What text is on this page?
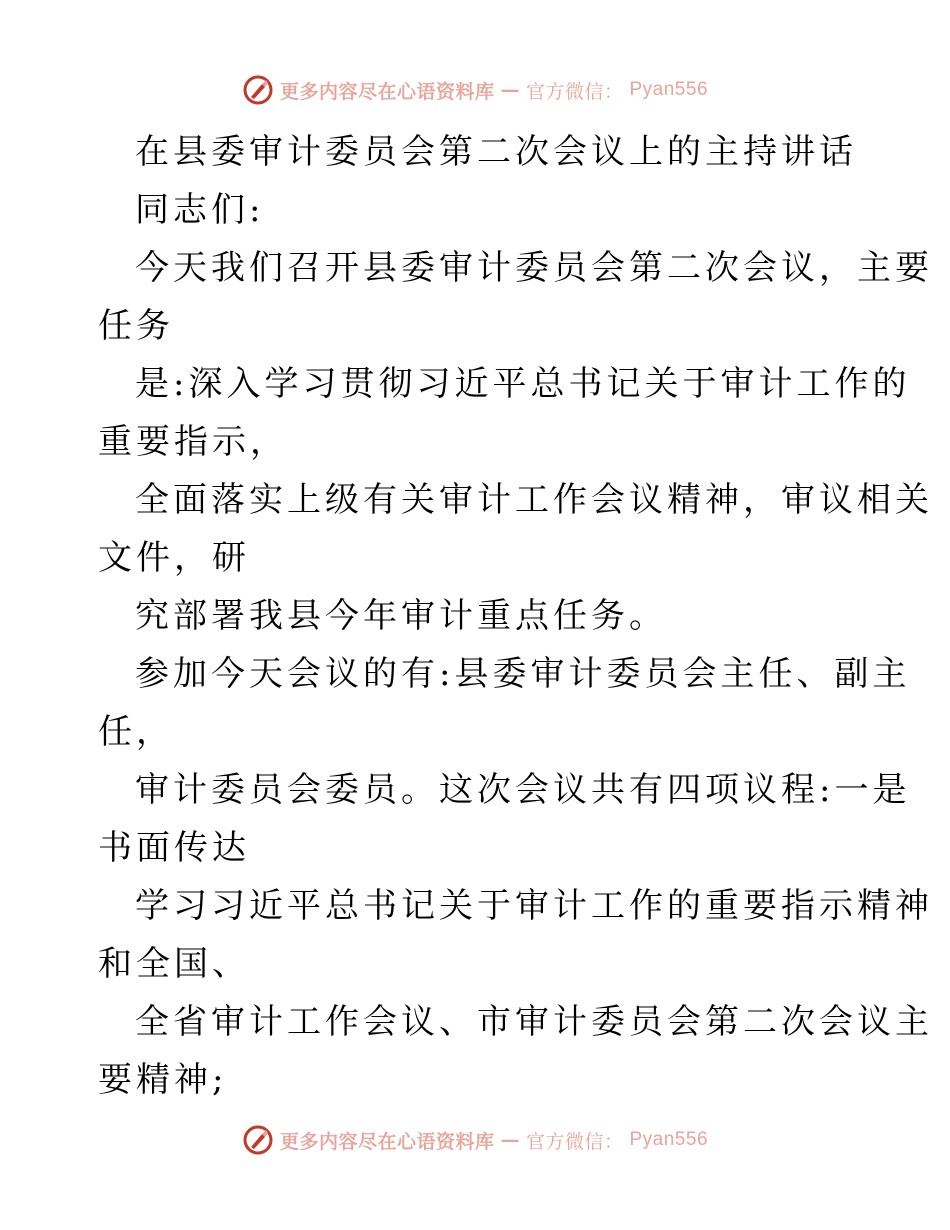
更多内容尽在心语资料库 — 官方微信： Pyan556
在县委审计委员会第二次会议上的主持讲话
同志们:
今天我们召开县委审计委员会第二次会议，主要
任务
是:深入学习贯彻习近平总书记关于审计工作的
重要指示，
全面落实上级有关审计工作会议精神，审议相关
文件，研
究部署我县今年审计重点任务。
参加今天会议的有:县委审计委员会主任、副主
任，
审计委员会委员。这次会议共有四项议程:一是
书面传达
学习习近平总书记关于审计工作的重要指示精神
和全国、
全省审计工作会议、市审计委员会第二次会议主
要精神;
更多内容尽在心语资料库 — 官方微信： Pyan556
